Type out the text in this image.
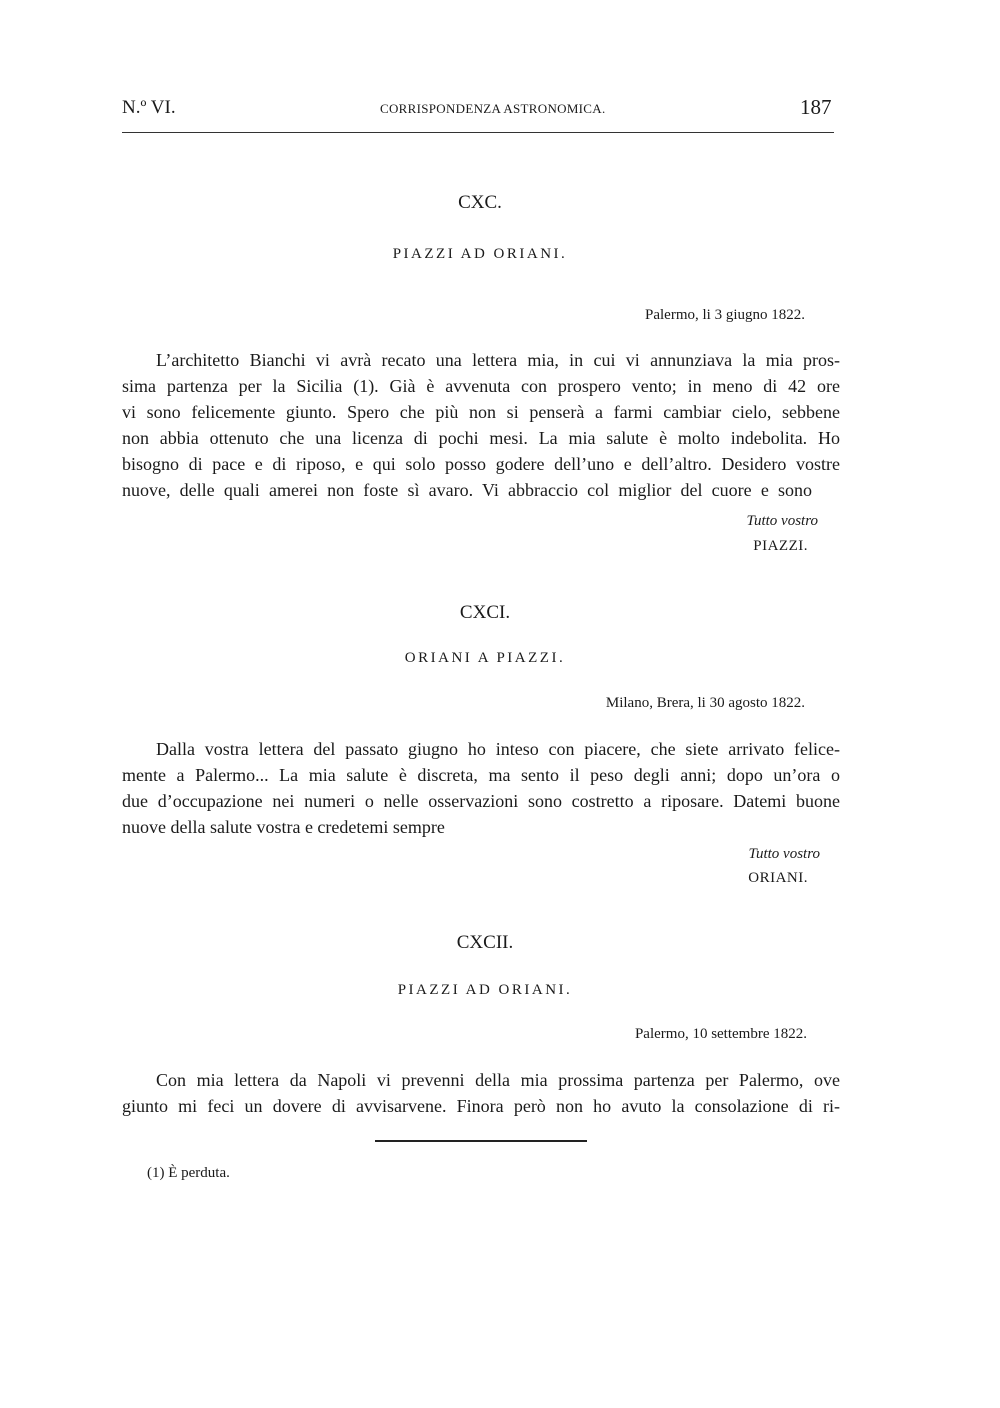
N.º VI.	CORRISPONDENZA ASTRONOMICA.	187
CXC.
PIAZZI AD ORIANI.
Palermo, li 3 giugno 1822.
L’architetto Bianchi vi avrà recato una lettera mia, in cui vi annunziava la mia pros-
sima partenza per la Sicilia (1). Già è avvenuta con prospero vento; in meno di 42 ore
vi sono felicemente giunto. Spero che più non si penserà a farmi cambiar cielo, sebbene
non abbia ottenuto che una licenza di pochi mesi. La mia salute è molto indebolita. Ho
bisogno di pace e di riposo, e qui solo posso godere dell’uno e dell’altro. Desidero vostre
nuove, delle quali amerei non foste sì avaro. Vi abbraccio col miglior del cuore e sono
Tutto vostro
PIAZZI.
CXCI.
ORIANI A PIAZZI.
Milano, Brera, li 30 agosto 1822.
Dalla vostra lettera del passato giugno ho inteso con piacere, che siete arrivato felice-
mente a Palermo... La mia salute è discreta, ma sento il peso degli anni; dopo un’ora o
due d’occupazione nei numeri o nelle osservazioni sono costretto a riposare. Datemi buone
nuove della salute vostra e credetemi sempre
Tutto vostro
ORIANI.
CXCII.
PIAZZI AD ORIANI.
Palermo, 10 settembre 1822.
Con mia lettera da Napoli vi prevenni della mia prossima partenza per Palermo, ove
giunto mi feci un dovere di avvisarvene. Finora però non ho avuto la consolazione di ri-
(1) È perduta.
